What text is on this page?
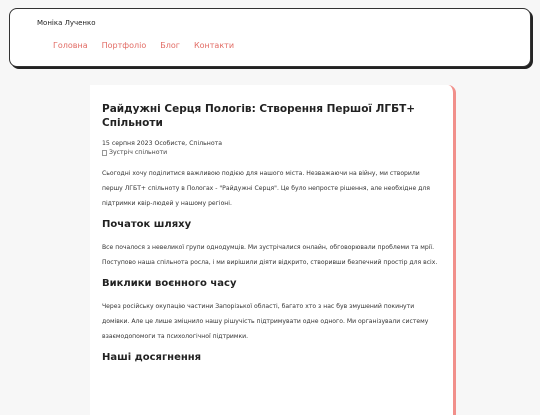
Моніка Лученко
Головна Портфоліо Блог Контакти
Райдужні Серця Пологів: Створення Першої ЛГБТ+ Спільноти
15 серпня 2023 Особисте, Спільнота
Зустріч спільноти

Сьогодні хочу поділитися важливою подією для нашого міста. Незважаючи на війну, ми створили першу ЛГБТ+ спільноту в Пологах - "Райдужні Серця". Це було непросте рішення, але необхідне для підтримки квір-людей у нашому регіоні.

Початок шляху

Все почалося з невеликої групи однодумців. Ми зустрічалися онлайн, обговорювали проблеми та мрії. Поступово наша спільнота росла, і ми вирішили діяти відкрито, створивши безпечний простір для всіх.

Виклики воєнного часу

Через російську окупацію частини Запорізької області, багато хто з нас був змушений покинути домівки. Але це лише зміцнило нашу рішучість підтримувати одне одного. Ми організували систему взаємодопомоги та психологічної підтримки.

Наші досягнення
